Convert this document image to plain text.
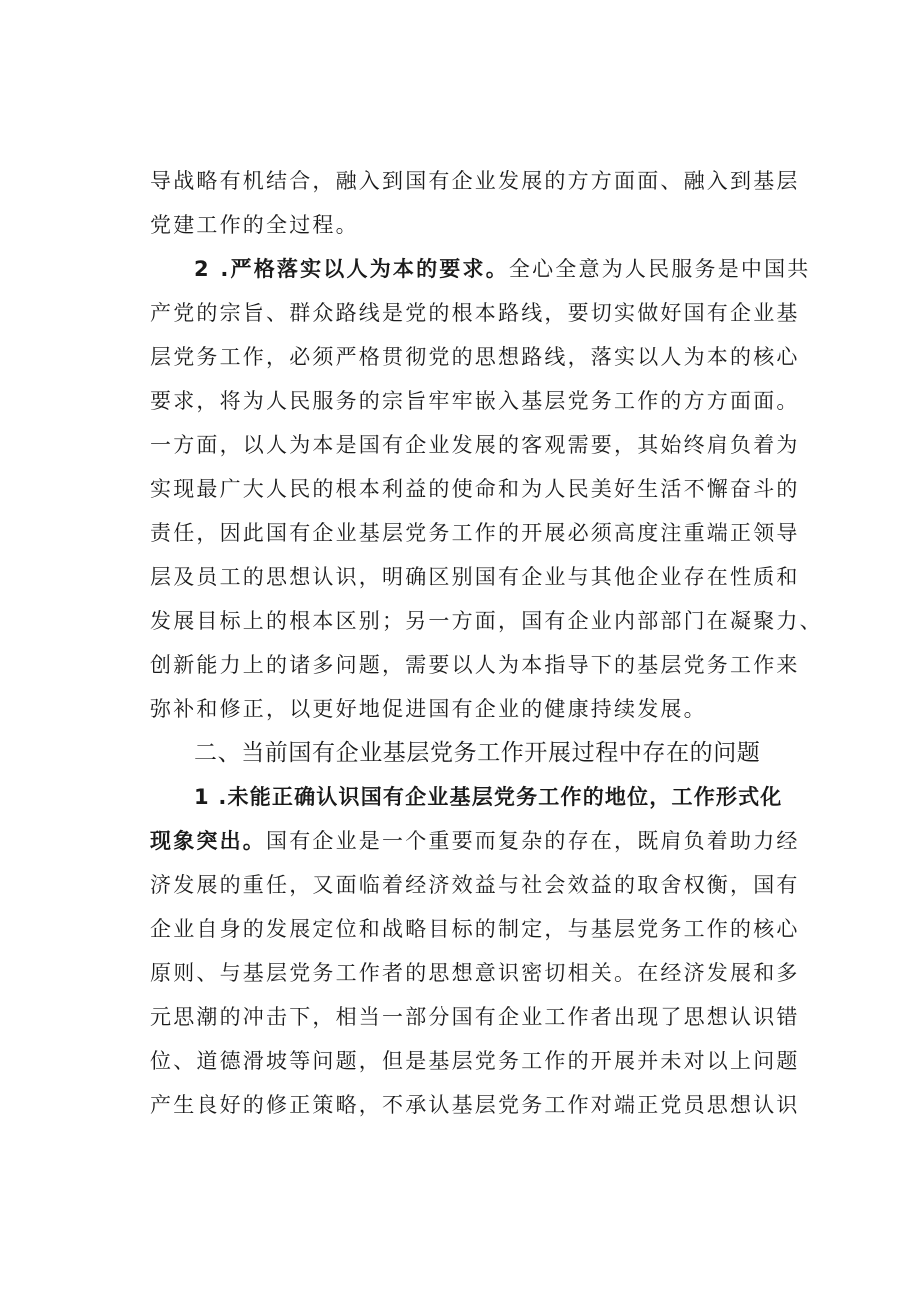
导战略有机结合，融入到国有企业发展的方方面面、融入到基层
党建工作的全过程。
2 .严格落实以人为本的要求。全心全意为人民服务是中国共
产党的宗旨、群众路线是党的根本路线，要切实做好国有企业基
层党务工作，必须严格贯彻党的思想路线，落实以人为本的核心
要求，将为人民服务的宗旨牢牢嵌入基层党务工作的方方面面。
一方面，以人为本是国有企业发展的客观需要，其始终肩负着为
实现最广大人民的根本利益的使命和为人民美好生活不懈奋斗的
责任，因此国有企业基层党务工作的开展必须高度注重端正领导
层及员工的思想认识，明确区别国有企业与其他企业存在性质和
发展目标上的根本区别；另一方面，国有企业内部部门在凝聚力、
创新能力上的诸多问题，需要以人为本指导下的基层党务工作来
弥补和修正，以更好地促进国有企业的健康持续发展。
二、当前国有企业基层党务工作开展过程中存在的问题
1 .未能正确认识国有企业基层党务工作的地位，工作形式化
现象突出。国有企业是一个重要而复杂的存在，既肩负着助力经
济发展的重任，又面临着经济效益与社会效益的取舍权衡，国有
企业自身的发展定位和战略目标的制定，与基层党务工作的核心
原则、与基层党务工作者的思想意识密切相关。在经济发展和多
元思潮的冲击下，相当一部分国有企业工作者出现了思想认识错
位、道德滑坡等问题，但是基层党务工作的开展并未对以上问题
产生良好的修正策略，不承认基层党务工作对端正党员思想认识
